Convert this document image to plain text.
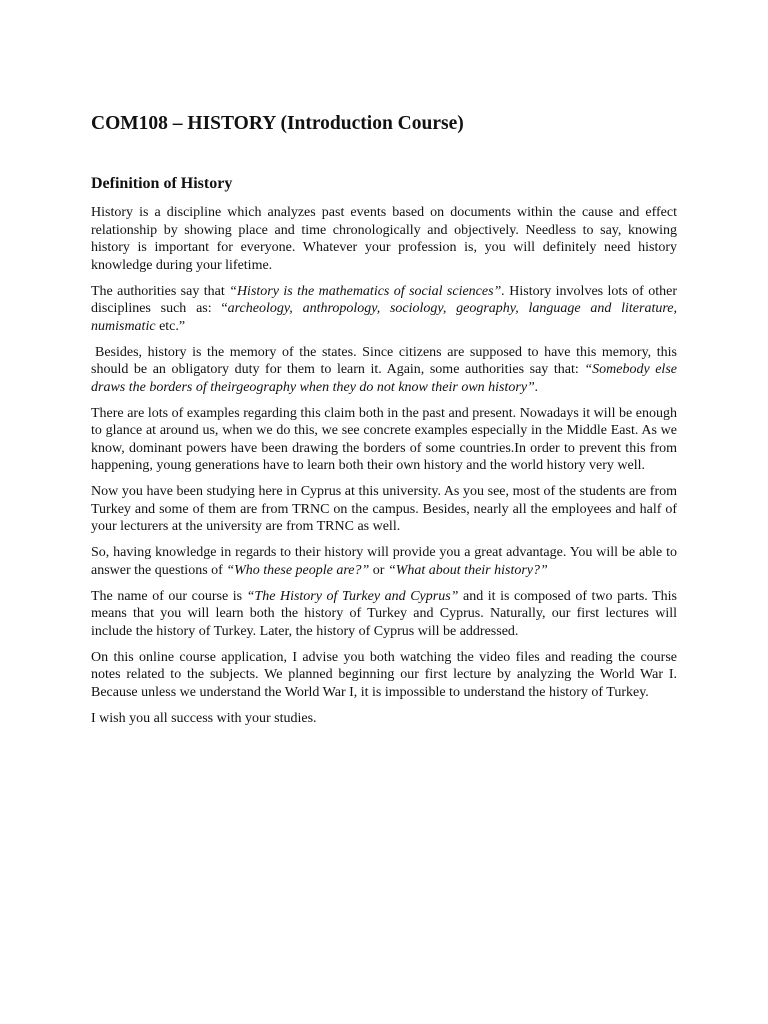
COM108 – HISTORY (Introduction Course)
Definition of History

History is a discipline which analyzes past events based on documents within the cause and effect relationship by showing place and time chronologically and objectively. Needless to say, knowing history is important for everyone. Whatever your profession is, you will definitely need history knowledge during your lifetime.

The authorities say that “History is the mathematics of social sciences”. History involves lots of other disciplines such as: “archeology, anthropology, sociology, geography, language and literature, numismatic etc.”

Besides, history is the memory of the states. Since citizens are supposed to have this memory, this should be an obligatory duty for them to learn it. Again, some authorities say that: “Somebody else draws the borders of theirgeography when they do not know their own history”.

There are lots of examples regarding this claim both in the past and present. Nowadays it will be enough to glance at around us, when we do this, we see concrete examples especially in the Middle East. As we know, dominant powers have been drawing the borders of some countries.In order to prevent this from happening, young generations have to learn both their own history and the world history very well.

Now you have been studying here in Cyprus at this university. As you see, most of the students are from Turkey and some of them are from TRNC on the campus. Besides, nearly all the employees and half of your lecturers at the university are from TRNC as well.

So, having knowledge in regards to their history will provide you a great advantage. You will be able to answer the questions of “Who these people are?” or “What about their history?”

The name of our course is “The History of Turkey and Cyprus” and it is composed of two parts. This means that you will learn both the history of Turkey and Cyprus. Naturally, our first lectures will include the history of Turkey. Later, the history of Cyprus will be addressed.

On this online course application, I advise you both watching the video files and reading the course notes related to the subjects. We planned beginning our first lecture by analyzing the World War I. Because unless we understand the World War I, it is impossible to understand the history of Turkey.

I wish you all success with your studies.
